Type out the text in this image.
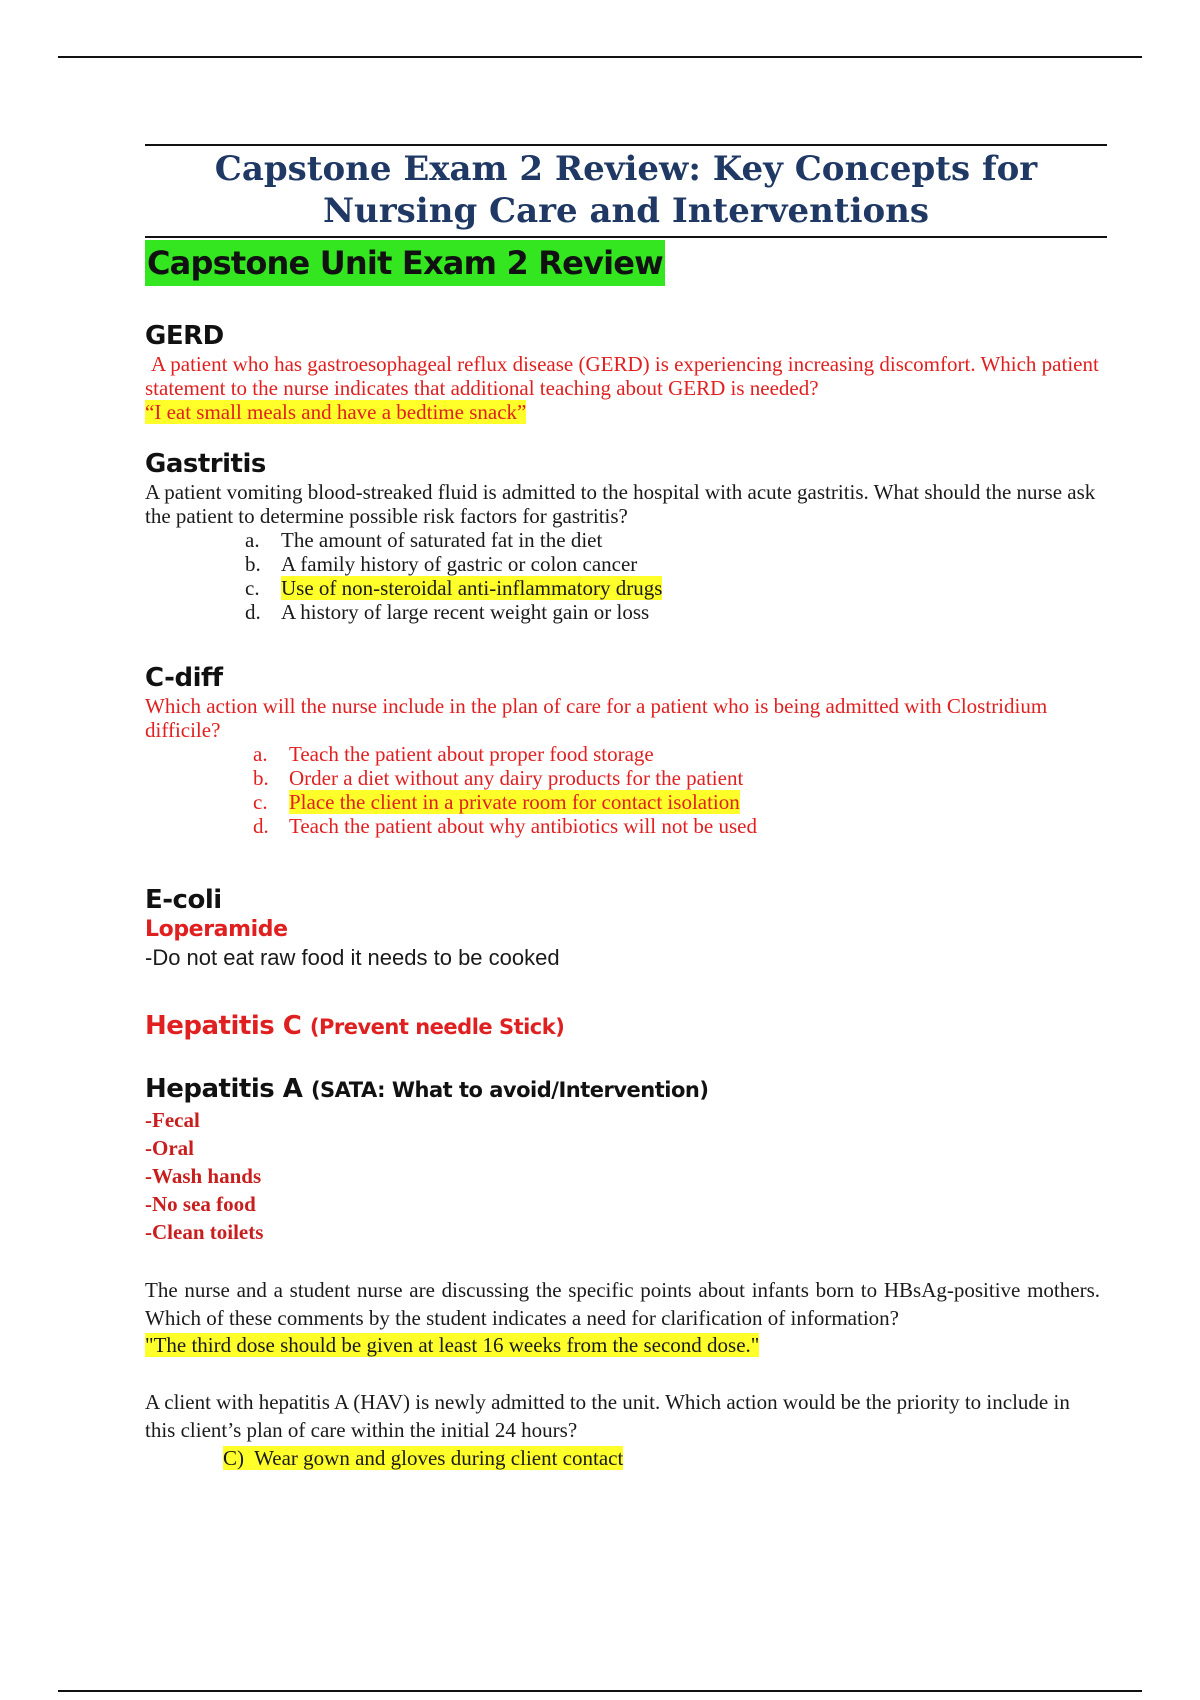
Capstone Exam 2 Review: Key Concepts for Nursing Care and Interventions
Capstone Unit Exam 2 Review

GERD

A patient who has gastroesophageal reflux disease (GERD) is experiencing increasing discomfort. Which patient statement to the nurse indicates that additional teaching about GERD is needed?

“I eat small meals and have a bedtime snack”

Gastritis

A patient vomiting blood-streaked fluid is admitted to the hospital with acute gastritis. What should the nurse ask the patient to determine possible risk factors for gastritis?

a.	The amount of saturated fat in the diet
b. A family history of gastric or colon cancer
c.	Use of non-steroidal anti-inflammatory drugs
d. A history of large recent weight gain or loss

C-diff

Which action will the nurse include in the plan of care for a patient who is being admitted with Clostridium difficile?

a.	Teach the patient about proper food storage
b. Order a diet without any dairy products for the patient
c.	Place the client in a private room for contact isolation
d. Teach the patient about why antibiotics will not be used

E-coli

Loperamide

-Do not eat raw food it needs to be cooked

Hepatitis C (Prevent needle Stick)

Hepatitis A (SATA: What to avoid/Intervention)

-Fecal

-Oral

-Wash hands

-No sea food

-Clean toilets

The nurse and a student nurse are discussing the specific points about infants born to HBsAg-positive mothers. Which of these comments by the student indicates a need for clarification of information?

"The third dose should be given at least 16 weeks from the second dose."

A client with hepatitis A (HAV) is newly admitted to the unit. Which action would be the priority to include in this client’s plan of care within the initial 24 hours?

C) Wear gown and gloves during client contact
